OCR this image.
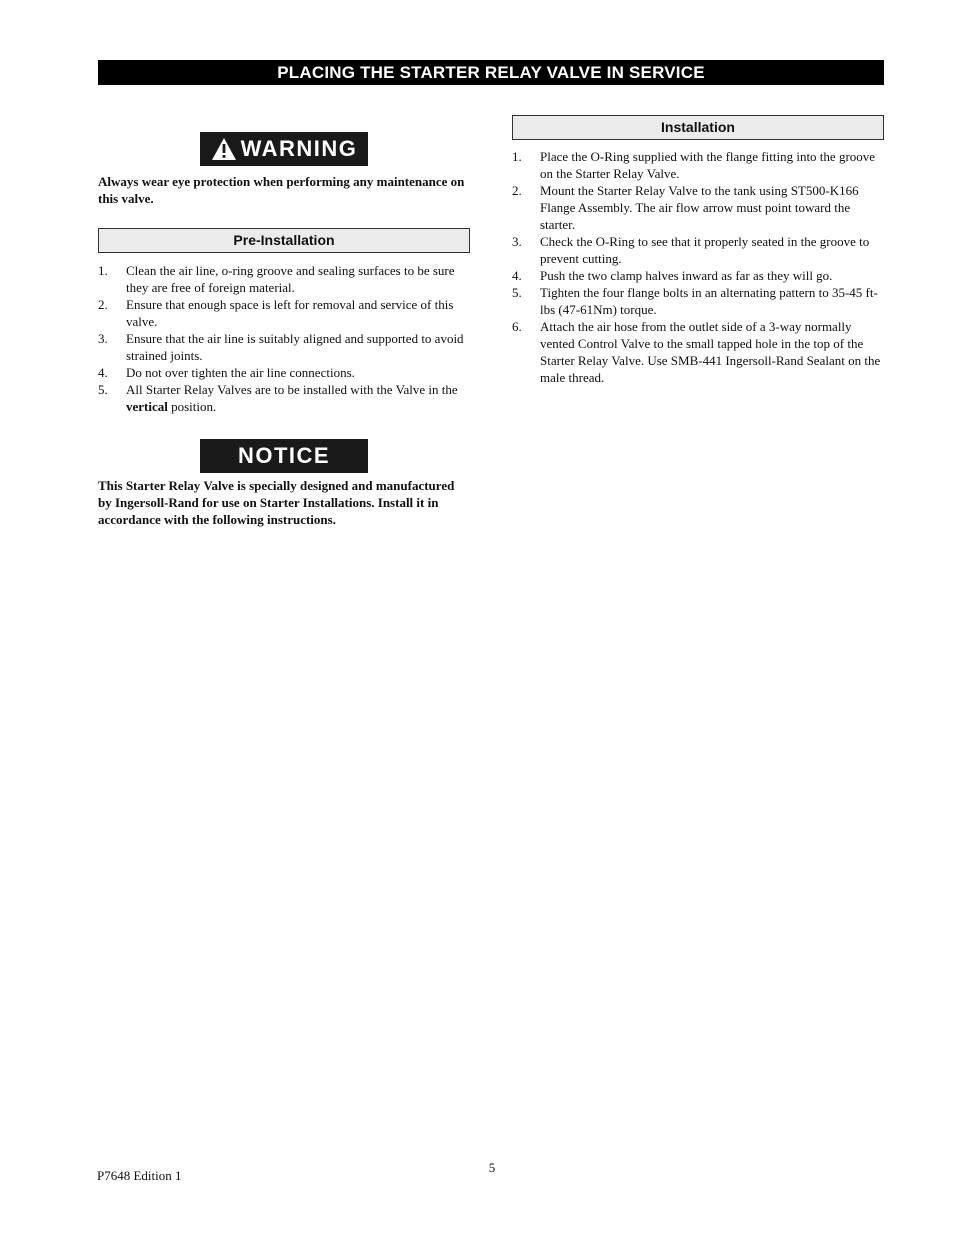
PLACING THE STARTER RELAY VALVE IN SERVICE
WARNING
Always wear eye protection when performing any maintenance on this valve.
Pre-Installation
1.	Clean the air line, o-ring groove and sealing surfaces to be sure they are free of foreign material.
2.	Ensure that enough space is left for removal and service of this valve.
3.	Ensure that the air line is suitably aligned and supported to avoid strained joints.
4.	Do not over tighten the air line connections.
5.	All Starter Relay Valves are to be installed with the Valve in the vertical position.
NOTICE
This Starter Relay Valve is specially designed and manufactured by Ingersoll-Rand for use on Starter Installations. Install it in accordance with the following instructions.
Installation
1.	Place the O-Ring supplied with the flange fitting into the groove on the Starter Relay Valve.
2.	Mount the Starter Relay Valve to the tank using ST500-K166 Flange Assembly. The air flow arrow must point toward the starter.
3.	Check the O-Ring to see that it properly seated in the groove to prevent cutting.
4.	Push the two clamp halves inward as far as they will go.
5.	Tighten the four flange bolts in an alternating pattern to 35-45 ft-lbs (47-61Nm) torque.
6.	Attach the air hose from the outlet side of a 3-way normally vented Control Valve to the small tapped hole in the top of the Starter Relay Valve. Use SMB-441 Ingersoll-Rand Sealant on the male thread.
5
P7648 Edition 1
